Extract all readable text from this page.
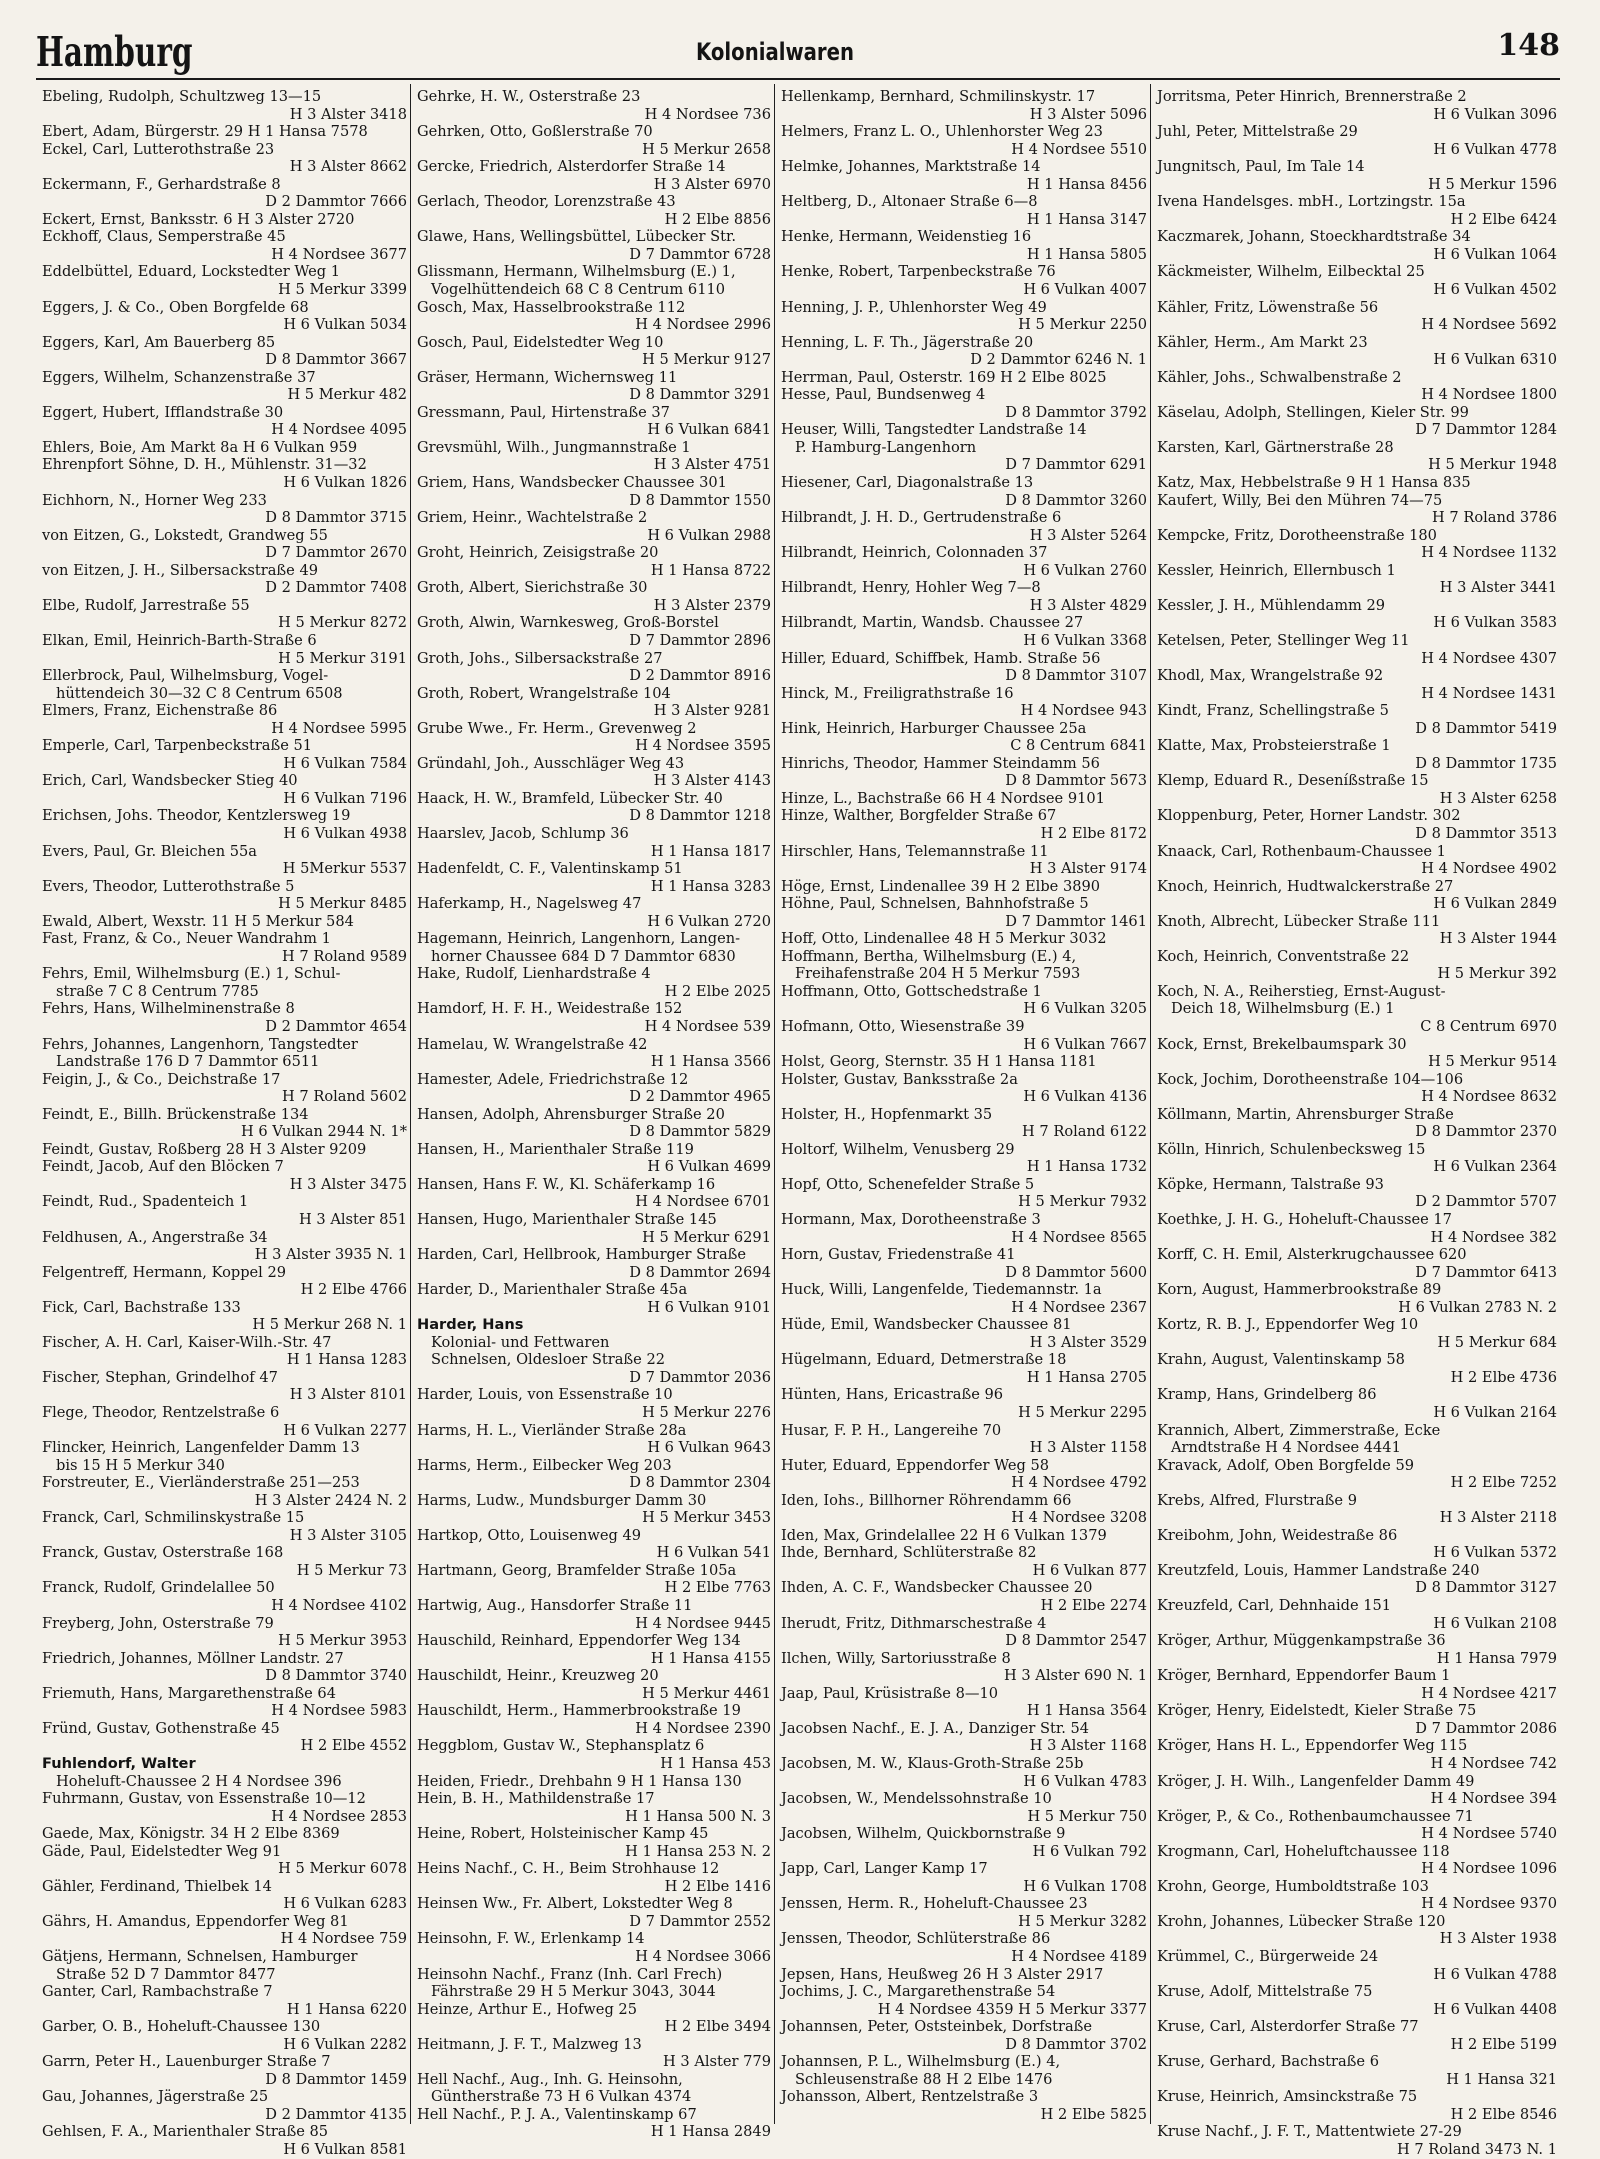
Hamburg	Kolonialwaren	148
Ebeling, Rudolph, Schultzweg 13—15
H 3 Alster 3418
Ebert, Adam, Bürgerstr. 29 H 1 Hansa 7578
Eckel, Carl, Lutterothstraße 23
H 3 Alster 8662
Eckermann, F., Gerhardstraße 8
D 2 Dammtor 7666
Eckert, Ernst, Banksstr. 6 H 3 Alster 2720
Eckhoff, Claus, Semperstraße 45
H 4 Nordsee 3677
Eddelbüttel, Eduard, Lockstedter Weg 1
H 5 Merkur 3399
Eggers, J. & Co., Oben Borgfelde 68
H 6 Vulkan 5034
Eggers, Karl, Am Bauerberg 85
D 8 Dammtor 3667
Eggers, Wilhelm, Schanzenstraße 37
H 5 Merkur 482
Eggert, Hubert, Ifflandstraße 30
H 4 Nordsee 4095
Ehlers, Boie, Am Markt 8a H 6 Vulkan 959
Ehrenpfort Söhne, D. H., Mühlenstr. 31—32
H 6 Vulkan 1826
Eichhorn, N., Horner Weg 233
D 8 Dammtor 3715
von Eitzen, G., Lokstedt, Grandweg 55
D 7 Dammtor 2670
von Eitzen, J. H., Silbersackstraße 49
D 2 Dammtor 7408
Elbe, Rudolf, Jarrestraße 55
H 5 Merkur 8272
Elkan, Emil, Heinrich-Barth-Straße 6
H 5 Merkur 3191
Ellerbrock, Paul, Wilhelmsburg, Vogel-
hüttendeich 30—32 C 8 Centrum 6508
Elmers, Franz, Eichenstraße 86
H 4 Nordsee 5995
Emperle, Carl, Tarpenbeckstraße 51
H 6 Vulkan 7584
Erich, Carl, Wandsbecker Stieg 40
H 6 Vulkan 7196
Erichsen, Johs. Theodor, Kentzlersweg 19
H 6 Vulkan 4938
Evers, Paul, Gr. Bleichen 55a
H 5Merkur 5537
Evers, Theodor, Lutterothstraße 5
H 5 Merkur 8485
Ewald, Albert, Wexstr. 11 H 5 Merkur 584
Fast, Franz, & Co., Neuer Wandrahm 1
H 7 Roland 9589
Fehrs, Emil, Wilhelmsburg (E.) 1, Schul-
straße 7 C 8 Centrum 7785
Fehrs, Hans, Wilhelminenstraße 8
D 2 Dammtor 4654
Fehrs, Johannes, Langenhorn, Tangstedter
Landstraße 176 D 7 Dammtor 6511
Feigin, J., & Co., Deichstraße 17
H 7 Roland 5602
Feindt, E., Billh. Brückenstraße 134
H 6 Vulkan 2944 N. 1*
Feindt, Gustav, Roßberg 28 H 3 Alster 9209
Feindt, Jacob, Auf den Blöcken 7
H 3 Alster 3475
Feindt, Rud., Spadenteich 1
H 3 Alster 851
Feldhusen, A., Angerstraße 34
H 3 Alster 3935 N. 1
Felgentreff, Hermann, Koppel 29
H 2 Elbe 4766
Fick, Carl, Bachstraße 133
H 5 Merkur 268 N. 1
Fischer, A. H. Carl, Kaiser-Wilh.-Str. 47
H 1 Hansa 1283
Fischer, Stephan, Grindelhof 47
H 3 Alster 8101
Flege, Theodor, Rentzelstraße 6
H 6 Vulkan 2277
Flincker, Heinrich, Langenfelder Damm 13
bis 15 H 5 Merkur 340
Forstreuter, E., Vierländerstraße 251—253
H 3 Alster 2424 N. 2
Franck, Carl, Schmilinskystraße 15
H 3 Alster 3105
Franck, Gustav, Osterstraße 168
H 5 Merkur 73
Franck, Rudolf, Grindelallee 50
H 4 Nordsee 4102
Freyberg, John, Osterstraße 79
H 5 Merkur 3953
Friedrich, Johannes, Möllner Landstr. 27
D 8 Dammtor 3740
Friemuth, Hans, Margarethenstraße 64
H 4 Nordsee 5983
Fründ, Gustav, Gothenstraße 45
H 2 Elbe 4552
Fuhlendorf, Walter
Hoheluft-Chaussee 2 H 4 Nordsee 396
Fuhrmann, Gustav, von Essenstraße 10—12
H 4 Nordsee 2853
Gaede, Max, Königstr. 34 H 2 Elbe 8369
Gäde, Paul, Eidelstedter Weg 91
H 5 Merkur 6078
Gähler, Ferdinand, Thielbek 14
H 6 Vulkan 6283
Gährs, H. Amandus, Eppendorfer Weg 81
H 4 Nordsee 759
Gätjens, Hermann, Schnelsen, Hamburger
Straße 52 D 7 Dammtor 8477
Ganter, Carl, Rambachstraße 7
H 1 Hansa 6220
Garber, O. B., Hoheluft-Chaussee 130
H 6 Vulkan 2282
Garrn, Peter H., Lauenburger Straße 7
D 8 Dammtor 1459
Gau, Johannes, Jägerstraße 25
D 2 Dammtor 4135
Gehlsen, F. A., Marienthaler Straße 85
H 6 Vulkan 8581
Gehrke, H. W., Osterstraße 23
H 4 Nordsee 736
Gehrken, Otto, Goßlerstraße 70
H 5 Merkur 2658
Gercke, Friedrich, Alsterdorfer Straße 14
H 3 Alster 6970
Gerlach, Theodor, Lorenzstraße 43
H 2 Elbe 8856
Glawe, Hans, Wellingsbüttel, Lübecker Str.
D 7 Dammtor 6728
Glissmann, Hermann, Wilhelmsburg (E.) 1,
Vogelhüttendeich 68 C 8 Centrum 6110
Gosch, Max, Hasselbrookstraße 112
H 4 Nordsee 2996
Gosch, Paul, Eidelstedter Weg 10
H 5 Merkur 9127
Gräser, Hermann, Wichernsweg 11
D 8 Dammtor 3291
Gressmann, Paul, Hirtenstraße 37
H 6 Vulkan 6841
Grevsmühl, Wilh., Jungmannstraße 1
H 3 Alster 4751
Griem, Hans, Wandsbecker Chaussee 301
D 8 Dammtor 1550
Griem, Heinr., Wachtelstraße 2
H 6 Vulkan 2988
Groht, Heinrich, Zeisigstraße 20
H 1 Hansa 8722
Groth, Albert, Sierichstraße 30
H 3 Alster 2379
Groth, Alwin, Warnkesweg, Groß-Borstel
D 7 Dammtor 2896
Groth, Johs., Silbersackstraße 27
D 2 Dammtor 8916
Groth, Robert, Wrangelstraße 104
H 3 Alster 9281
Grube Wwe., Fr. Herm., Grevenweg 2
H 4 Nordsee 3595
Gründahl, Joh., Ausschläger Weg 43
H 3 Alster 4143
Haack, H. W., Bramfeld, Lübecker Str. 40
D 8 Dammtor 1218
Haarslev, Jacob, Schlump 36
H 1 Hansa 1817
Hadenfeldt, C. F., Valentinskamp 51
H 1 Hansa 3283
Haferkamp, H., Nagelsweg 47
H 6 Vulkan 2720
Hagemann, Heinrich, Langenhorn, Langen-
horner Chaussee 684 D 7 Dammtor 6830
Hake, Rudolf, Lienhardstraße 4
H 2 Elbe 2025
Hamdorf, H. F. H., Weidestraße 152
H 4 Nordsee 539
Hamelau, W. Wrangelstraße 42
H 1 Hansa 3566
Hamester, Adele, Friedrichstraße 12
D 2 Dammtor 4965
Hansen, Adolph, Ahrensburger Straße 20
D 8 Dammtor 5829
Hansen, H., Marienthaler Straße 119
H 6 Vulkan 4699
Hansen, Hans F. W., Kl. Schäferkamp 16
H 4 Nordsee 6701
Hansen, Hugo, Marienthaler Straße 145
H 5 Merkur 6291
Harden, Carl, Hellbrook, Hamburger Straße
D 8 Dammtor 2694
Harder, D., Marienthaler Straße 45a
H 6 Vulkan 9101
Harder, Hans
Kolonial- und Fettwaren
Schnelsen, Oldesloer Straße 22
D 7 Dammtor 2036
Harder, Louis, von Essenstraße 10
H 5 Merkur 2276
Harms, H. L., Vierländer Straße 28a
H 6 Vulkan 9643
Harms, Herm., Eilbecker Weg 203
D 8 Dammtor 2304
Harms, Ludw., Mundsburger Damm 30
H 5 Merkur 3453
Hartkop, Otto, Louisenweg 49
H 6 Vulkan 541
Hartmann, Georg, Bramfelder Straße 105a
H 2 Elbe 7763
Hartwig, Aug., Hansdorfer Straße 11
H 4 Nordsee 9445
Hauschild, Reinhard, Eppendorfer Weg 134
H 1 Hansa 4155
Hauschildt, Heinr., Kreuzweg 20
H 5 Merkur 4461
Hauschildt, Herm., Hammerbrookstraße 19
H 4 Nordsee 2390
Heggblom, Gustav W., Stephansplatz 6
H 1 Hansa 453
Heiden, Friedr., Drehbahn 9 H 1 Hansa 130
Hein, B. H., Mathildenstraße 17
H 1 Hansa 500 N. 3
Heine, Robert, Holsteinischer Kamp 45
H 1 Hansa 253 N. 2
Heins Nachf., C. H., Beim Strohhause 12
H 2 Elbe 1416
Heinsen Ww., Fr. Albert, Lokstedter Weg 8
D 7 Dammtor 2552
Heinsohn, F. W., Erlenkamp 14
H 4 Nordsee 3066
Heinsohn Nachf., Franz (Inh. Carl Frech)
Fährstraße 29 H 5 Merkur 3043, 3044
Heinze, Arthur E., Hofweg 25
H 2 Elbe 3494
Heitmann, J. F. T., Malzweg 13
H 3 Alster 779
Hell Nachf., Aug., Inh. G. Heinsohn,
Güntherstraße 73 H 6 Vulkan 4374
Hell Nachf., P. J. A., Valentinskamp 67
H 1 Hansa 2849
Hellenkamp, Bernhard, Schmilinskystr. 17
H 3 Alster 5096
Helmers, Franz L. O., Uhlenhorster Weg 23
H 4 Nordsee 5510
Helmke, Johannes, Marktstraße 14
H 1 Hansa 8456
Heltberg, D., Altonaer Straße 6—8
H 1 Hansa 3147
Henke, Hermann, Weidenstieg 16
H 1 Hansa 5805
Henke, Robert, Tarpenbeckstraße 76
H 6 Vulkan 4007
Henning, J. P., Uhlenhorster Weg 49
H 5 Merkur 2250
Henning, L. F. Th., Jägerstraße 20
D 2 Dammtor 6246 N. 1
Herrman, Paul, Osterstr. 169 H 2 Elbe 8025
Hesse, Paul, Bundsenweg 4
D 8 Dammtor 3792
Heuser, Willi, Tangstedter Landstraße 14
P. Hamburg-Langenhorn
D 7 Dammtor 6291
Hiesener, Carl, Diagonalstraße 13
D 8 Dammtor 3260
Hilbrandt, J. H. D., Gertrudenstraße 6
H 3 Alster 5264
Hilbrandt, Heinrich, Colonnaden 37
H 6 Vulkan 2760
Hilbrandt, Henry, Hohler Weg 7—8
H 3 Alster 4829
Hilbrandt, Martin, Wandsb. Chaussee 27
H 6 Vulkan 3368
Hiller, Eduard, Schiffbek, Hamb. Straße 56
D 8 Dammtor 3107
Hinck, M., Freiligrathstraße 16
H 4 Nordsee 943
Hink, Heinrich, Harburger Chaussee 25a
C 8 Centrum 6841
Hinrichs, Theodor, Hammer Steindamm 56
D 8 Dammtor 5673
Hinze, L., Bachstraße 66 H 4 Nordsee 9101
Hinze, Walther, Borgfelder Straße 67
H 2 Elbe 8172
Hirschler, Hans, Telemannstraße 11
H 3 Alster 9174
Höge, Ernst, Lindenallee 39 H 2 Elbe 3890
Höhne, Paul, Schnelsen, Bahnhofstraße 5
D 7 Dammtor 1461
Hoff, Otto, Lindenallee 48 H 5 Merkur 3032
Hoffmann, Bertha, Wilhelmsburg (E.) 4,
Freihafenstraße 204 H 5 Merkur 7593
Hoffmann, Otto, Gottschedstraße 1
H 6 Vulkan 3205
Hofmann, Otto, Wiesenstraße 39
H 6 Vulkan 7667
Holst, Georg, Sternstr. 35 H 1 Hansa 1181
Holster, Gustav, Banksstraße 2a
H 6 Vulkan 4136
Holster, H., Hopfenmarkt 35
H 7 Roland 6122
Holtorf, Wilhelm, Venusberg 29
H 1 Hansa 1732
Hopf, Otto, Schenefelder Straße 5
H 5 Merkur 7932
Hormann, Max, Dorotheenstraße 3
H 4 Nordsee 8565
Horn, Gustav, Friedenstraße 41
D 8 Dammtor 5600
Huck, Willi, Langenfelde, Tiedemannstr. 1a
H 4 Nordsee 2367
Hüde, Emil, Wandsbecker Chaussee 81
H 3 Alster 3529
Hügelmann, Eduard, Detmerstraße 18
H 1 Hansa 2705
Hünten, Hans, Ericastraße 96
H 5 Merkur 2295
Husar, F. P. H., Langereihe 70
H 3 Alster 1158
Huter, Eduard, Eppendorfer Weg 58
H 4 Nordsee 4792
Iden, Iohs., Billhorner Röhrendamm 66
H 4 Nordsee 3208
Iden, Max, Grindelallee 22 H 6 Vulkan 1379
Ihde, Bernhard, Schlüterstraße 82
H 6 Vulkan 877
Ihden, A. C. F., Wandsbecker Chaussee 20
H 2 Elbe 2274
Iherudt, Fritz, Dithmarschestraße 4
D 8 Dammtor 2547
Ilchen, Willy, Sartoriusstraße 8
H 3 Alster 690 N. 1
Jaap, Paul, Krüsistraße 8—10
H 1 Hansa 3564
Jacobsen Nachf., E. J. A., Danziger Str. 54
H 3 Alster 1168
Jacobsen, M. W., Klaus-Groth-Straße 25b
H 6 Vulkan 4783
Jacobsen, W., Mendelssohnstraße 10
H 5 Merkur 750
Jacobsen, Wilhelm, Quickbornstraße 9
H 6 Vulkan 792
Japp, Carl, Langer Kamp 17
H 6 Vulkan 1708
Jenssen, Herm. R., Hoheluft-Chaussee 23
H 5 Merkur 3282
Jenssen, Theodor, Schlüterstraße 86
H 4 Nordsee 4189
Jepsen, Hans, Heußweg 26 H 3 Alster 2917
Jochims, J. C., Margarethenstraße 54
H 4 Nordsee 4359 H 5 Merkur 3377
Johannsen, Peter, Oststeinbek, Dorfstraße
D 8 Dammtor 3702
Johannsen, P. L., Wilhelmsburg (E.) 4,
Schleusenstraße 88 H 2 Elbe 1476
Johansson, Albert, Rentzelstraße 3
H 2 Elbe 5825
Jorritsma, Peter Hinrich, Brennerstraße 2
H 6 Vulkan 3096
Juhl, Peter, Mittelstraße 29
H 6 Vulkan 4778
Jungnitsch, Paul, Im Tale 14
H 5 Merkur 1596
Ivena Handelsges. mbH., Lortzingstr. 15a
H 2 Elbe 6424
Kaczmarek, Johann, Stoeckhardtstraße 34
H 6 Vulkan 1064
Käckmeister, Wilhelm, Eilbecktal 25
H 6 Vulkan 4502
Kähler, Fritz, Löwenstraße 56
H 4 Nordsee 5692
Kähler, Herm., Am Markt 23
H 6 Vulkan 6310
Kähler, Johs., Schwalbenstraße 2
H 4 Nordsee 1800
Käselau, Adolph, Stellingen, Kieler Str. 99
D 7 Dammtor 1284
Karsten, Karl, Gärtnerstraße 28
H 5 Merkur 1948
Katz, Max, Hebbelstraße 9 H 1 Hansa 835
Kaufert, Willy, Bei den Mühren 74—75
H 7 Roland 3786
Kempcke, Fritz, Dorotheenstraße 180
H 4 Nordsee 1132
Kessler, Heinrich, Ellernbusch 1
H 3 Alster 3441
Kessler, J. H., Mühlendamm 29
H 6 Vulkan 3583
Ketelsen, Peter, Stellinger Weg 11
H 4 Nordsee 4307
Khodl, Max, Wrangelstraße 92
H 4 Nordsee 1431
Kindt, Franz, Schellingstraße 5
D 8 Dammtor 5419
Klatte, Max, Probsteierstraße 1
D 8 Dammtor 1735
Klemp, Eduard R., Deseníßstraße 15
H 3 Alster 6258
Kloppenburg, Peter, Horner Landstr. 302
D 8 Dammtor 3513
Knaack, Carl, Rothenbaum-Chaussee 1
H 4 Nordsee 4902
Knoch, Heinrich, Hudtwalckerstraße 27
H 6 Vulkan 2849
Knoth, Albrecht, Lübecker Straße 111
H 3 Alster 1944
Koch, Heinrich, Conventstraße 22
H 5 Merkur 392
Koch, N. A., Reiherstieg, Ernst-August-
Deich 18, Wilhelmsburg (E.) 1
C 8 Centrum 6970
Kock, Ernst, Brekelbaumspark 30
H 5 Merkur 9514
Kock, Jochim, Dorotheenstraße 104—106
H 4 Nordsee 8632
Köllmann, Martin, Ahrensburger Straße
D 8 Dammtor 2370
Kölln, Hinrich, Schulenbecksweg 15
H 6 Vulkan 2364
Köpke, Hermann, Talstraße 93
D 2 Dammtor 5707
Koethke, J. H. G., Hoheluft-Chaussee 17
H 4 Nordsee 382
Korff, C. H. Emil, Alsterkrugchaussee 620
D 7 Dammtor 6413
Korn, August, Hammerbrookstraße 89
H 6 Vulkan 2783 N. 2
Kortz, R. B. J., Eppendorfer Weg 10
H 5 Merkur 684
Krahn, August, Valentinskamp 58
H 2 Elbe 4736
Kramp, Hans, Grindelberg 86
H 6 Vulkan 2164
Krannich, Albert, Zimmerstraße, Ecke
Arndtstraße H 4 Nordsee 4441
Kravack, Adolf, Oben Borgfelde 59
H 2 Elbe 7252
Krebs, Alfred, Flurstraße 9
H 3 Alster 2118
Kreibohm, John, Weidestraße 86
H 6 Vulkan 5372
Kreutzfeld, Louis, Hammer Landstraße 240
D 8 Dammtor 3127
Kreuzfeld, Carl, Dehnhaide 151
H 6 Vulkan 2108
Kröger, Arthur, Müggenkampstraße 36
H 1 Hansa 7979
Kröger, Bernhard, Eppendorfer Baum 1
H 4 Nordsee 4217
Kröger, Henry, Eidelstedt, Kieler Straße 75
D 7 Dammtor 2086
Kröger, Hans H. L., Eppendorfer Weg 115
H 4 Nordsee 742
Kröger, J. H. Wilh., Langenfelder Damm 49
H 4 Nordsee 394
Kröger, P., & Co., Rothenbaumchaussee 71
H 4 Nordsee 5740
Krogmann, Carl, Hoheluftchaussee 118
H 4 Nordsee 1096
Krohn, George, Humboldtstraße 103
H 4 Nordsee 9370
Krohn, Johannes, Lübecker Straße 120
H 3 Alster 1938
Krümmel, C., Bürgerweide 24
H 6 Vulkan 4788
Kruse, Adolf, Mittelstraße 75
H 6 Vulkan 4408
Kruse, Carl, Alsterdorfer Straße 77
H 2 Elbe 5199
Kruse, Gerhard, Bachstraße 6
H 1 Hansa 321
Kruse, Heinrich, Amsinckstraße 75
H 2 Elbe 8546
Kruse Nachf., J. F. T., Mattentwiete 27-29
H 7 Roland 3473 N. 1
